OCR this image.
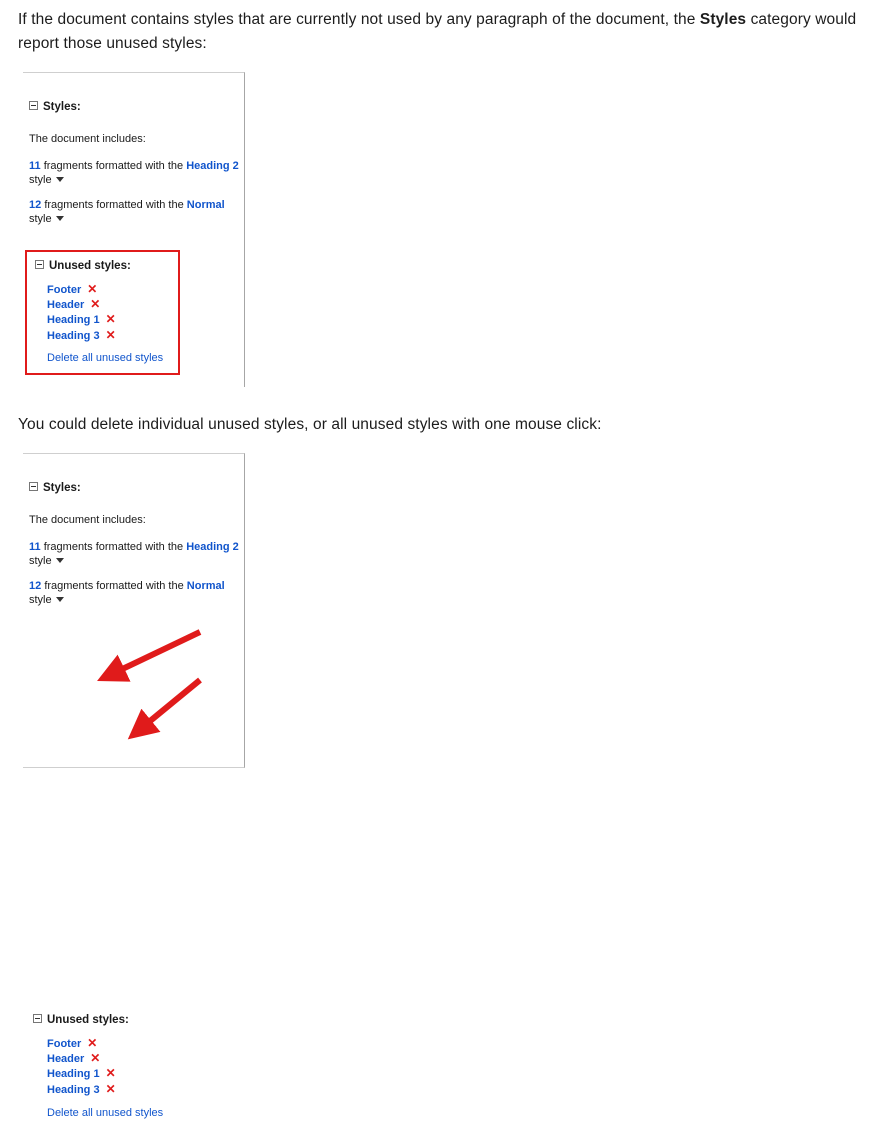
If the document contains styles that are currently not used by any paragraph of the document, the Styles category would report those unused styles:
Styles:
The document includes:
11 fragments formatted with the Heading 2
style
12 fragments formatted with the Normal
style
Unused styles:
Footer ✕
Header ✕
Heading 1 ✕
Heading 3 ✕
Delete all unused styles
You could delete individual unused styles, or all unused styles with one mouse click:
Styles:
The document includes:
11 fragments formatted with the Heading 2
style
12 fragments formatted with the Normal
style
Unused styles:
Footer ✕
Header ✕
Heading 1 ✕
Heading 3 ✕
Delete all unused styles
